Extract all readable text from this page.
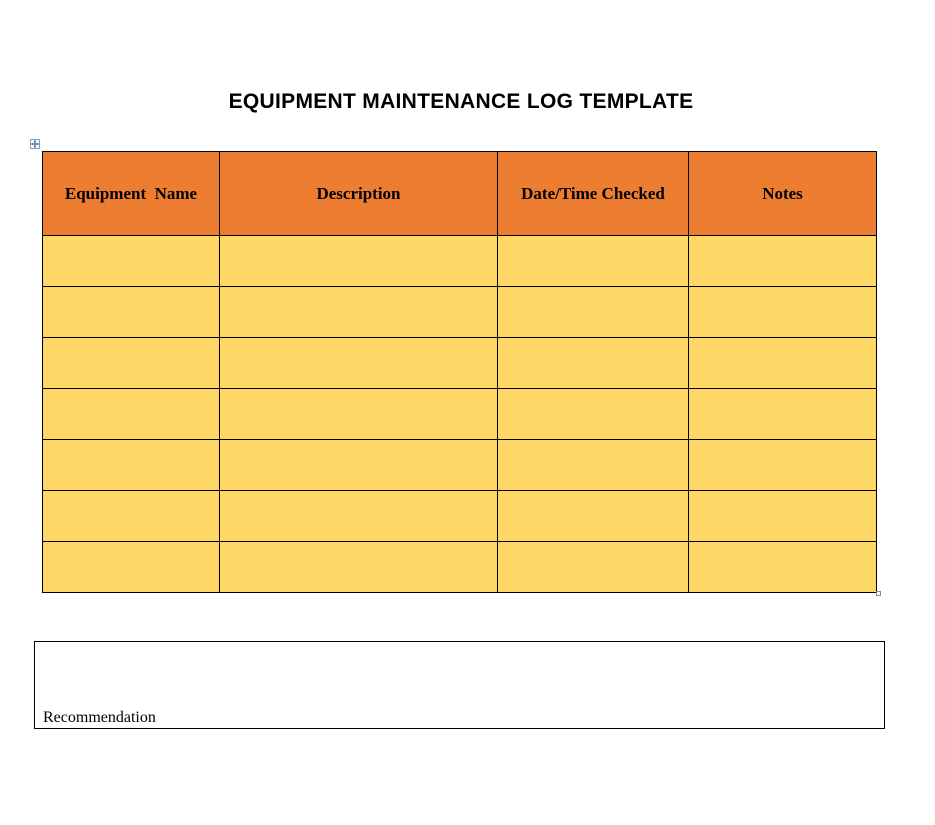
EQUIPMENT MAINTENANCE LOG TEMPLATE
Equipment  Name	Description	Date/Time Checked	Notes

Recommendation
